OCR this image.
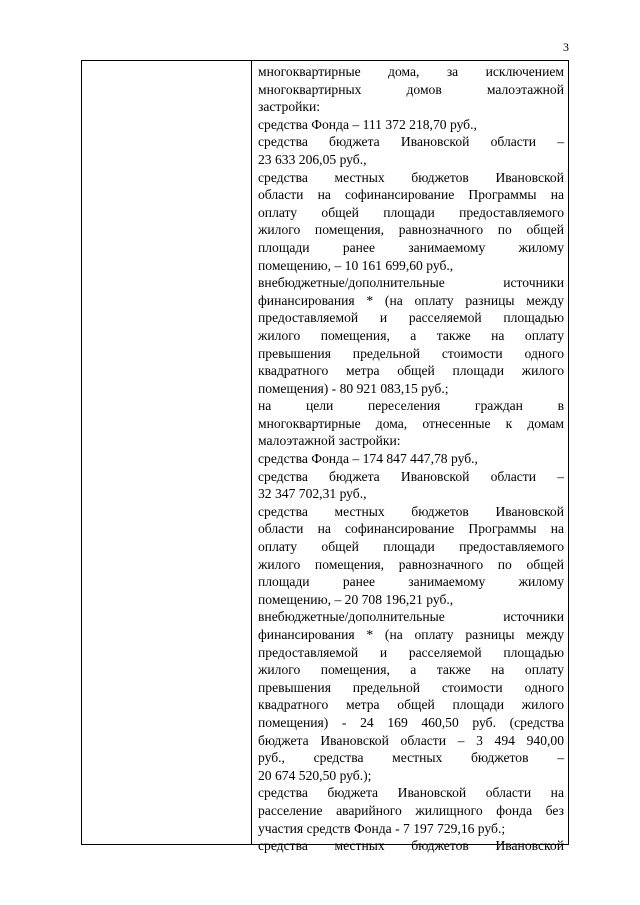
3
многоквартирные дома, за исключением
многоквартирных домов малоэтажной
застройки:
средства Фонда – 111 372 218,70 руб.,
средства бюджета Ивановской области –
23 633 206,05 руб.,
средства местных бюджетов Ивановской
области на софинансирование Программы на
оплату общей площади предоставляемого
жилого помещения, равнозначного по общей
площади ранее занимаемому жилому
помещению, – 10 161 699,60 руб.,
внебюджетные/дополнительные источники
финансирования * (на оплату разницы между
предоставляемой и расселяемой площадью
жилого помещения, а также на оплату
превышения предельной стоимости одного
квадратного метра общей площади жилого
помещения) - 80 921 083,15 руб.;
на цели переселения граждан в
многоквартирные дома, отнесенные к домам
малоэтажной застройки:
средства Фонда – 174 847 447,78 руб.,
средства бюджета Ивановской области –
32 347 702,31 руб.,
средства местных бюджетов Ивановской
области на софинансирование Программы на
оплату общей площади предоставляемого
жилого помещения, равнозначного по общей
площади ранее занимаемому жилому
помещению, – 20 708 196,21 руб.,
внебюджетные/дополнительные источники
финансирования * (на оплату разницы между
предоставляемой и расселяемой площадью
жилого помещения, а также на оплату
превышения предельной стоимости одного
квадратного метра общей площади жилого
помещения) - 24 169 460,50 руб. (средства
бюджета Ивановской области – 3 494 940,00
руб., средства местных бюджетов –
20 674 520,50 руб.);
средства бюджета Ивановской области на
расселение аварийного жилищного фонда без
участия средств Фонда - 7 197 729,16 руб.;
средства местных бюджетов Ивановской
